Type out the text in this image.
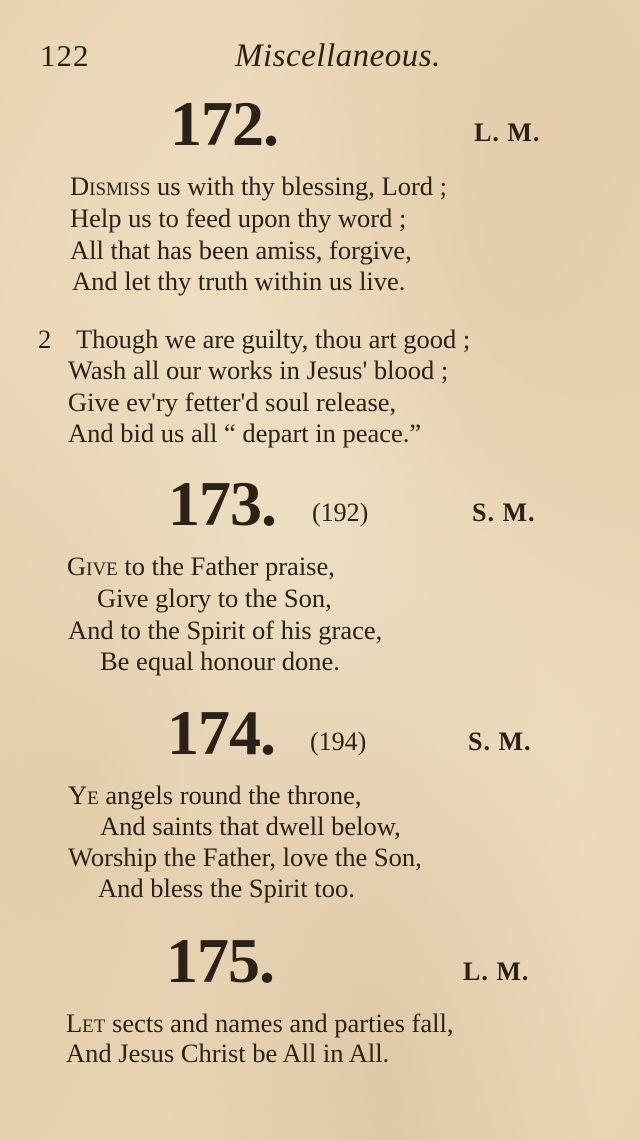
122	Miscellaneous.
172.	L. M.
Dismiss us with thy blessing, Lord ;
Help us to feed upon thy word ;
All that has been amiss, forgive,
And let thy truth within us live.
2 Though we are guilty, thou art good ;
Wash all our works in Jesus' blood ;
Give ev'ry fetter'd soul release,
And bid us all “ depart in peace.”
173. (192)	S. M.
Give to the Father praise,
Give glory to the Son,
And to the Spirit of his grace,
Be equal honour done.
174. (194)	S. M.
Ye angels round the throne,
And saints that dwell below,
Worship the Father, love the Son,
And bless the Spirit too.
175.	L. M.
Let sects and names and parties fall,
And Jesus Christ be All in All.
